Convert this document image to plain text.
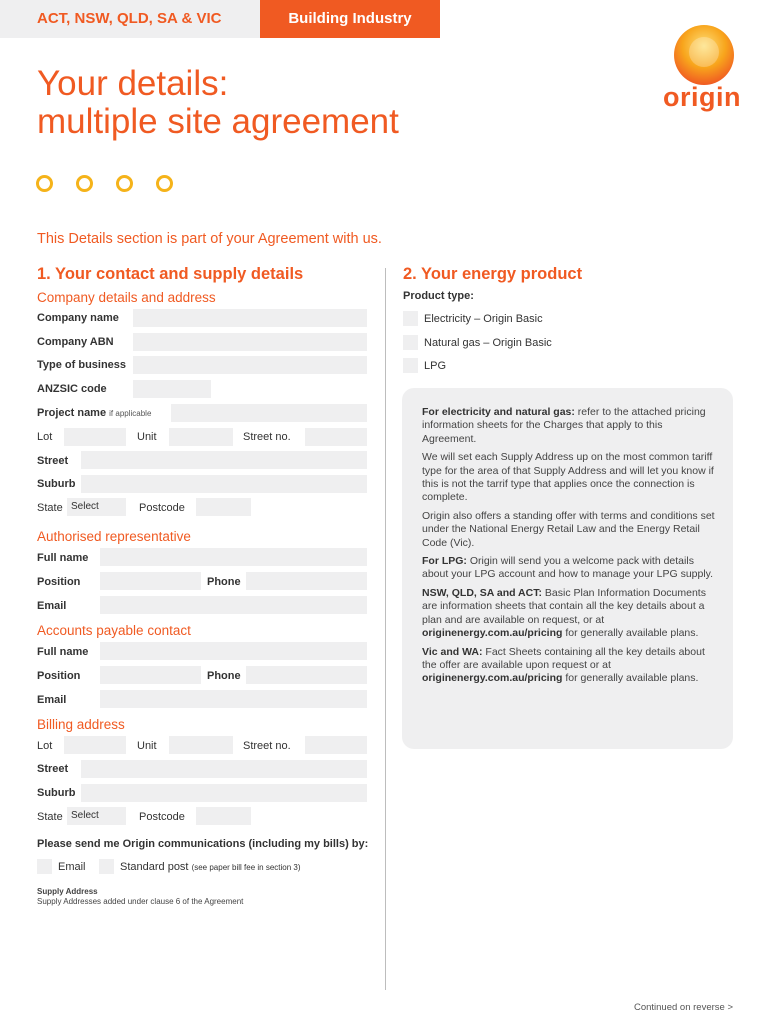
ACT, NSW, QLD, SA & VIC	Building Industry
origin
Your details:
multiple site agreement
This Details section is part of your Agreement with us.
1. Your contact and supply details
Company details and address
Company name
Company ABN
Type of business
ANZSIC code
Project name if applicable
Lot	Unit	Street no.
Street
Suburb
State Select	Postcode
Authorised representative
Full name
Position	Phone
Email
Accounts payable contact
Full name
Position	Phone
Email
Billing address
Lot	Unit	Street no.
Street
Suburb
State Select	Postcode
Please send me Origin communications (including my bills) by:
Email	Standard post (see paper bill fee in section 3)
Supply Address
Supply Addresses added under clause 6 of the Agreement
2. Your energy product
Product type:
Electricity – Origin Basic
Natural gas – Origin Basic
LPG

For electricity and natural gas: refer to the attached pricing information sheets for the Charges that apply to this Agreement.

We will set each Supply Address up on the most common tariff type for the area of that Supply Address and will let you know if this is not the tarrif type that applies once the connection is complete.

Origin also offers a standing offer with terms and conditions set under the National Energy Retail Law and the Energy Retail Code (Vic).

For LPG: Origin will send you a welcome pack with details about your LPG account and how to manage your LPG supply.

NSW, QLD, SA and ACT: Basic Plan Information Documents are information sheets that contain all the key details about a plan and are available on request, or at originenergy.com.au/pricing for generally available plans.

Vic and WA: Fact Sheets containing all the key details about the offer are available upon request or at originenergy.com.au/pricing for generally available plans.

Continued on reverse >
